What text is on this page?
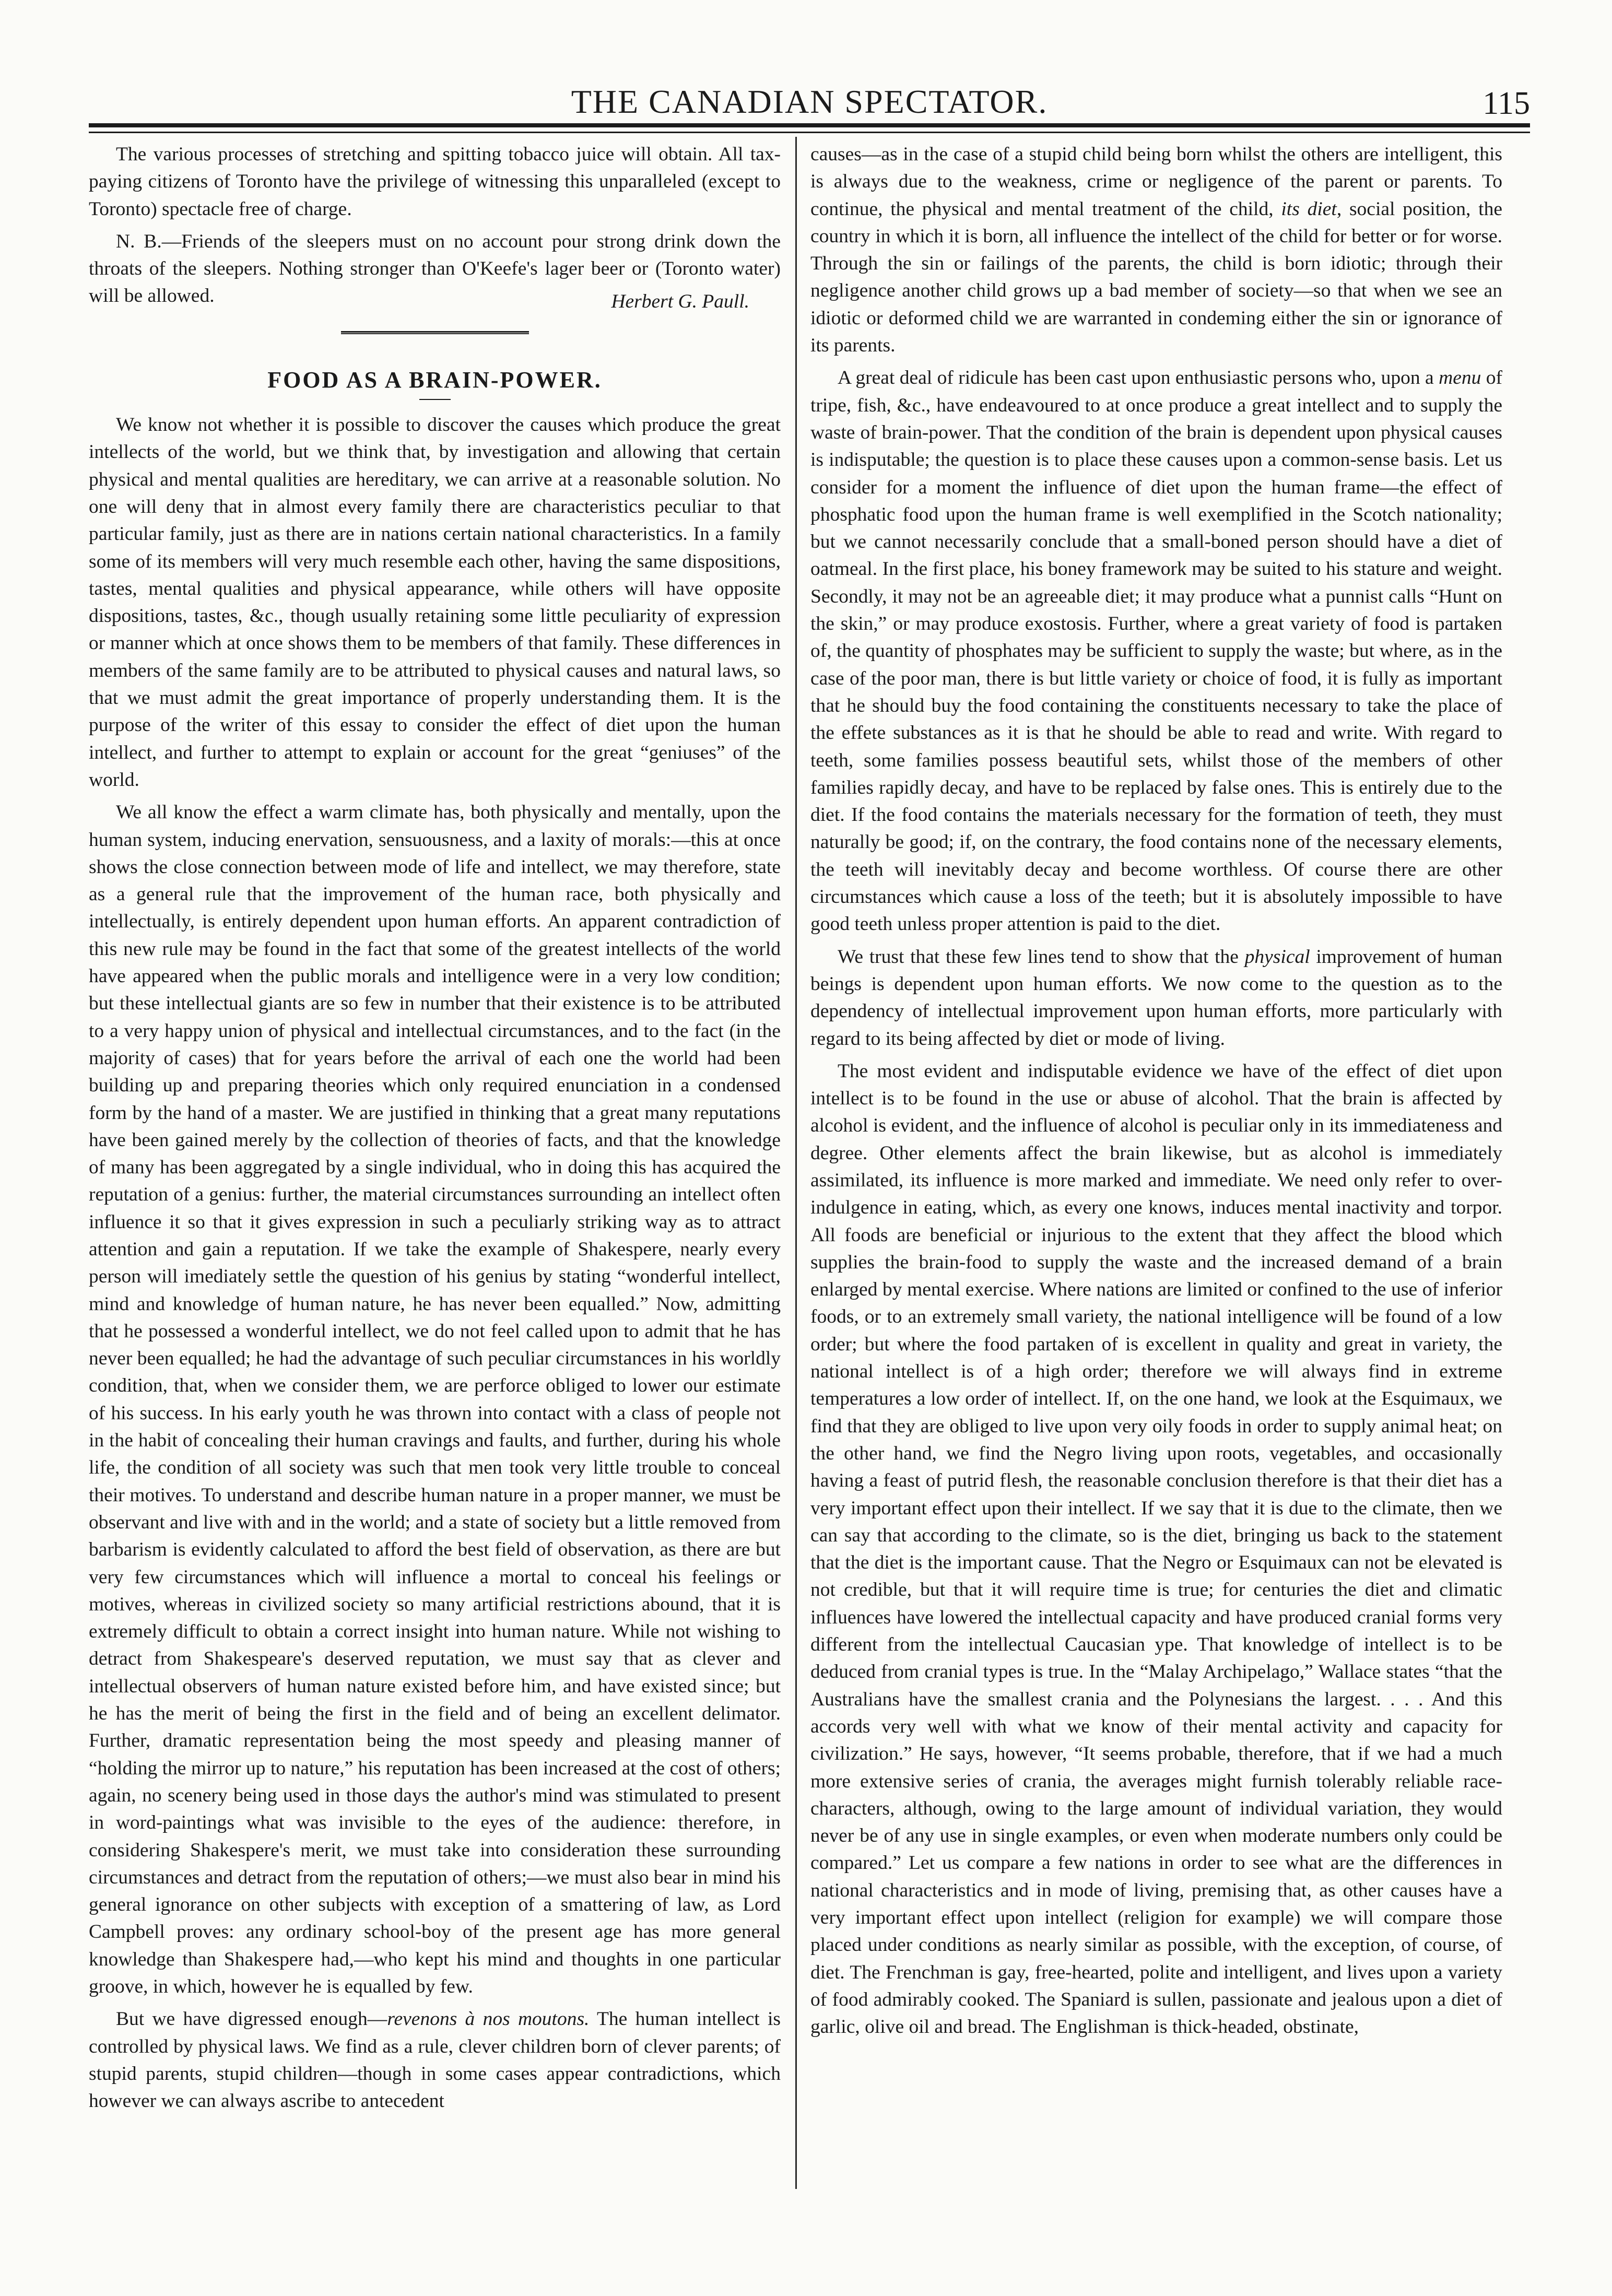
THE CANADIAN SPECTATOR.	115

The various processes of stretching and spitting tobacco juice will obtain. All tax-paying citizens of Toronto have the privilege of witnessing this unparalleled (except to Toronto) spectacle free of charge.

N. B.—Friends of the sleepers must on no account pour strong drink down the throats of the sleepers. Nothing stronger than O'Keefe's lager beer or (Toronto water) will be allowed.	Herbert G. Paull.
FOOD AS A BRAIN-POWER.

We know not whether it is possible to discover the causes which produce the great intellects of the world, but we think that, by investigation and allowing that certain physical and mental qualities are hereditary, we can arrive at a reasonable solution. No one will deny that in almost every family there are characteristics peculiar to that particular family, just as there are in nations certain national characteristics. In a family some of its members will very much resemble each other, having the same dispositions, tastes, mental qualities and physical appearance, while others will have opposite dispositions, tastes, &c., though usually retaining some little peculiarity of expression or manner which at once shows them to be members of that family. These differences in members of the same family are to be attributed to physical causes and natural laws, so that we must admit the great importance of properly understanding them. It is the purpose of the writer of this essay to consider the effect of diet upon the human intellect, and further to attempt to explain or account for the great “geniuses” of the world.

We all know the effect a warm climate has, both physically and mentally, upon the human system, inducing enervation, sensuousness, and a laxity of morals:—this at once shows the close connection between mode of life and intellect, we may therefore, state as a general rule that the improvement of the human race, both physically and intellectually, is entirely dependent upon human efforts. An apparent contradiction of this new rule may be found in the fact that some of the greatest intellects of the world have appeared when the public morals and intelligence were in a very low condition; but these intellectual giants are so few in number that their existence is to be attributed to a very happy union of physical and intellectual circumstances, and to the fact (in the majority of cases) that for years before the arrival of each one the world had been building up and preparing theories which only required enunciation in a condensed form by the hand of a master. We are justified in thinking that a great many reputations have been gained merely by the collection of theories of facts, and that the knowledge of many has been aggregated by a single individual, who in doing this has acquired the reputation of a genius: further, the material circumstances surrounding an intellect often influence it so that it gives expression in such a peculiarly striking way as to attract attention and gain a reputation. If we take the example of Shakespere, nearly every person will imediately settle the question of his genius by stating “wonderful intellect, mind and knowledge of human nature, he has never been equalled.” Now, admitting that he possessed a wonderful intellect, we do not feel called upon to admit that he has never been equalled; he had the advantage of such peculiar circumstances in his worldly condition, that, when we consider them, we are perforce obliged to lower our estimate of his success. In his early youth he was thrown into contact with a class of people not in the habit of concealing their human cravings and faults, and further, during his whole life, the condition of all society was such that men took very little trouble to conceal their motives. To understand and describe human nature in a proper manner, we must be observant and live with and in the world; and a state of society but a little removed from barbarism is evidently calculated to afford the best field of observation, as there are but very few circumstances which will influence a mortal to conceal his feelings or motives, whereas in civilized society so many artificial restrictions abound, that it is extremely difficult to obtain a correct insight into human nature. While not wishing to detract from Shakespeare's deserved reputation, we must say that as clever and intellectual observers of human nature existed before him, and have existed since; but he has the merit of being the first in the field and of being an excellent delimator. Further, dramatic representation being the most speedy and pleasing manner of “holding the mirror up to nature,” his reputation has been increased at the cost of others; again, no scenery being used in those days the author's mind was stimulated to present in word-paintings what was invisible to the eyes of the audience: therefore, in considering Shakespere's merit, we must take into consideration these surrounding circumstances and detract from the reputation of others;—we must also bear in mind his general ignorance on other subjects with exception of a smattering of law, as Lord Campbell proves: any ordinary school-boy of the present age has more general knowledge than Shakespere had,—who kept his mind and thoughts in one particular groove, in which, however he is equalled by few.

But we have digressed enough—revenons à nos moutons. The human intellect is controlled by physical laws. We find as a rule, clever children born of clever parents; of stupid parents, stupid children—though in some cases appear contradictions, which however we can always ascribe to antecedent

causes—as in the case of a stupid child being born whilst the others are intelligent, this is always due to the weakness, crime or negligence of the parent or parents. To continue, the physical and mental treatment of the child, its diet, social position, the country in which it is born, all influence the intellect of the child for better or for worse. Through the sin or failings of the parents, the child is born idiotic; through their negligence another child grows up a bad member of society—so that when we see an idiotic or deformed child we are warranted in condeming either the sin or ignorance of its parents.

A great deal of ridicule has been cast upon enthusiastic persons who, upon a menu of tripe, fish, &c., have endeavoured to at once produce a great intellect and to supply the waste of brain-power. That the condition of the brain is dependent upon physical causes is indisputable; the question is to place these causes upon a common-sense basis. Let us consider for a moment the influence of diet upon the human frame—the effect of phosphatic food upon the human frame is well exemplified in the Scotch nationality; but we cannot necessarily conclude that a small-boned person should have a diet of oatmeal. In the first place, his boney framework may be suited to his stature and weight. Secondly, it may not be an agreeable diet; it may produce what a punnist calls “Hunt on the skin,” or may produce exostosis. Further, where a great variety of food is partaken of, the quantity of phosphates may be sufficient to supply the waste; but where, as in the case of the poor man, there is but little variety or choice of food, it is fully as important that he should buy the food containing the constituents necessary to take the place of the effete substances as it is that he should be able to read and write. With regard to teeth, some families possess beautiful sets, whilst those of the members of other families rapidly decay, and have to be replaced by false ones. This is entirely due to the diet. If the food contains the materials necessary for the formation of teeth, they must naturally be good; if, on the contrary, the food contains none of the necessary elements, the teeth will inevitably decay and become worthless. Of course there are other circumstances which cause a loss of the teeth; but it is absolutely impossible to have good teeth unless proper attention is paid to the diet.

We trust that these few lines tend to show that the physical improvement of human beings is dependent upon human efforts. We now come to the question as to the dependency of intellectual improvement upon human efforts, more particularly with regard to its being affected by diet or mode of living.

The most evident and indisputable evidence we have of the effect of diet upon intellect is to be found in the use or abuse of alcohol. That the brain is affected by alcohol is evident, and the influence of alcohol is peculiar only in its immediateness and degree. Other elements affect the brain likewise, but as alcohol is immediately assimilated, its influence is more marked and immediate. We need only refer to over-indulgence in eating, which, as every one knows, induces mental inactivity and torpor. All foods are beneficial or injurious to the extent that they affect the blood which supplies the brain-food to supply the waste and the increased demand of a brain enlarged by mental exercise. Where nations are limited or confined to the use of inferior foods, or to an extremely small variety, the national intelligence will be found of a low order; but where the food partaken of is excellent in quality and great in variety, the national intellect is of a high order; therefore we will always find in extreme temperatures a low order of intellect. If, on the one hand, we look at the Esquimaux, we find that they are obliged to live upon very oily foods in order to supply animal heat; on the other hand, we find the Negro living upon roots, vegetables, and occasionally having a feast of putrid flesh, the reasonable conclusion therefore is that their diet has a very important effect upon their intellect. If we say that it is due to the climate, then we can say that according to the climate, so is the diet, bringing us back to the statement that the diet is the important cause. That the Negro or Esquimaux can not be elevated is not credible, but that it will require time is true; for centuries the diet and climatic influences have lowered the intellectual capacity and have produced cranial forms very different from the intellectual Caucasian ype. That knowledge of intellect is to be deduced from cranial types is true. In the “Malay Archipelago,” Wallace states “that the Australians have the smallest crania and the Polynesians the largest. . . . And this accords very well with what we know of their mental activity and capacity for civilization.” He says, however, “It seems probable, therefore, that if we had a much more extensive series of crania, the averages might furnish tolerably reliable race-characters, although, owing to the large amount of individual variation, they would never be of any use in single examples, or even when moderate numbers only could be compared.” Let us compare a few nations in order to see what are the differences in national characteristics and in mode of living, premising that, as other causes have a very important effect upon intellect (religion for example) we will compare those placed under conditions as nearly similar as possible, with the exception, of course, of diet. The Frenchman is gay, free-hearted, polite and intelligent, and lives upon a variety of food admirably cooked. The Spaniard is sullen, passionate and jealous upon a diet of garlic, olive oil and bread. The Englishman is thick-headed, obstinate,
